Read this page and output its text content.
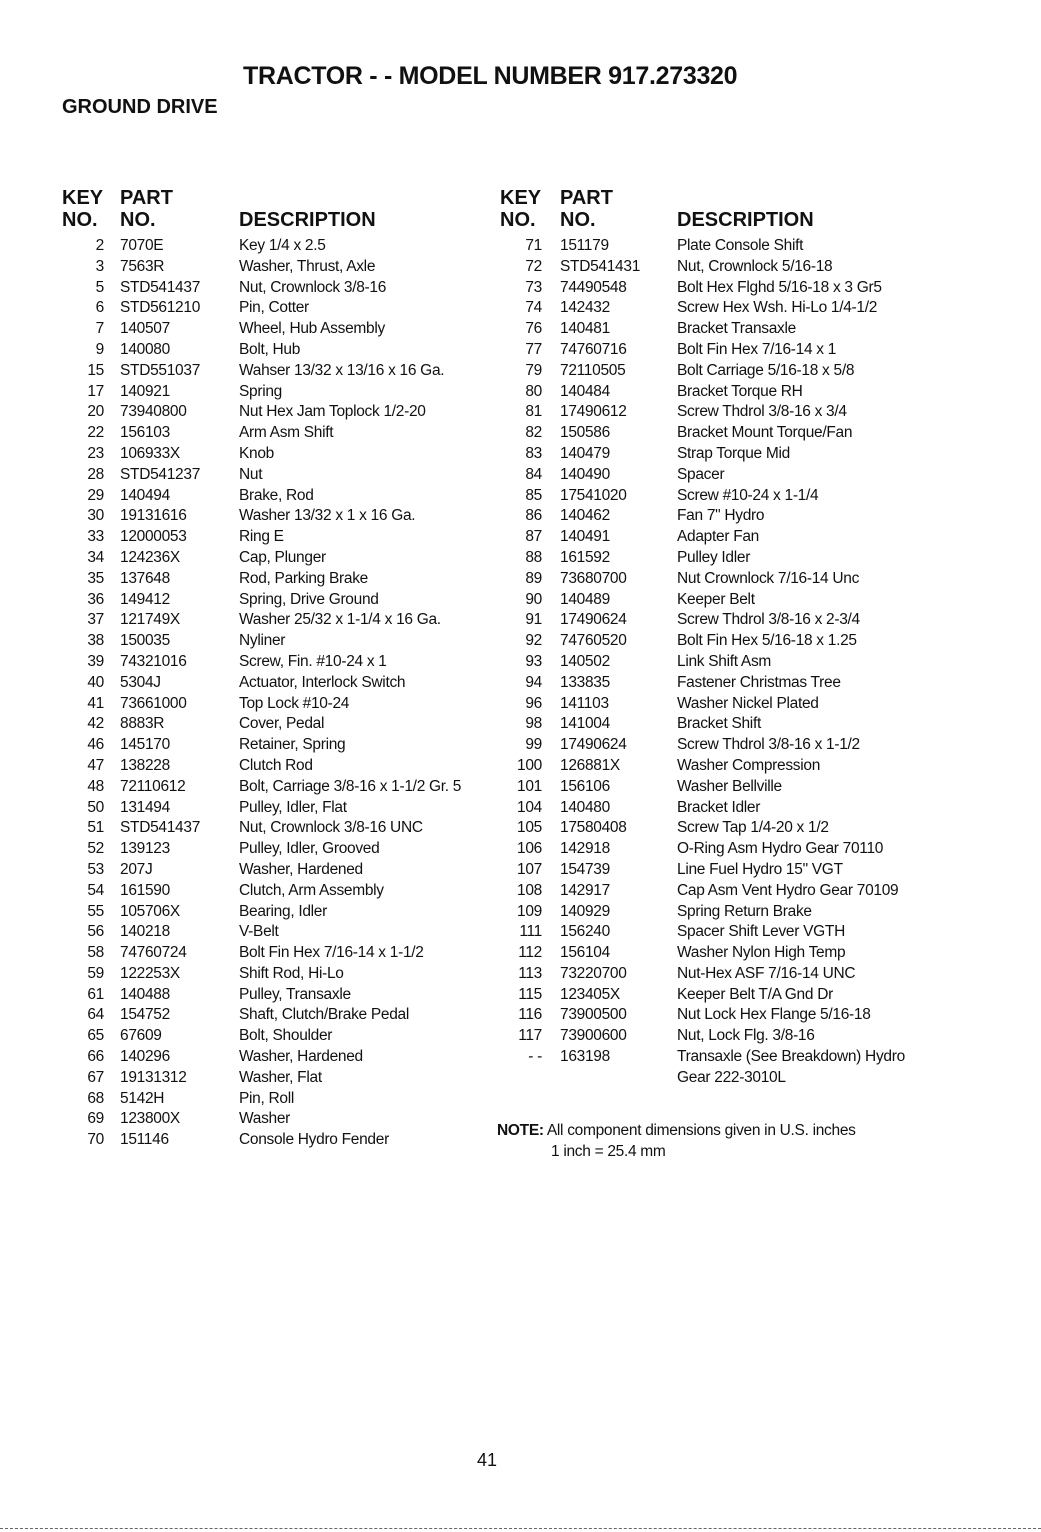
TRACTOR - - MODEL NUMBER 917.273320
GROUND DRIVE
KEY
NO.
PART
NO.	DESCRIPTION
2 7070E	Key 1/4 x 2.5
3 7563R	Washer, Thrust, Axle
5 STD541437	Nut, Crownlock 3/8-16
6 STD561210	Pin, Cotter
7 140507	Wheel, Hub Assembly
9 140080	Bolt, Hub
15 STD551037	Wahser 13/32 x 13/16 x 16 Ga.
17 140921	Spring
20 73940800	Nut Hex Jam Toplock 1/2-20
22 156103	Arm Asm Shift
23 106933X	Knob
28 STD541237	Nut
29 140494	Brake, Rod
30 19131616	Washer 13/32 x 1 x 16 Ga.
33 12000053	Ring E
34 124236X	Cap, Plunger
35 137648	Rod, Parking Brake
36 149412	Spring, Drive Ground
37 121749X	Washer 25/32 x 1-1/4 x 16 Ga.
38 150035	Nyliner
39 74321016	Screw, Fin. #10-24 x 1
40 5304J	Actuator, Interlock Switch
41 73661000	Top Lock #10-24
42 8883R	Cover, Pedal
46 145170	Retainer, Spring
47 138228	Clutch Rod
48 72110612	Bolt, Carriage 3/8-16 x 1-1/2 Gr. 5
50 131494	Pulley, Idler, Flat
51 STD541437	Nut, Crownlock 3/8-16 UNC
52 139123	Pulley, Idler, Grooved
53 207J	Washer, Hardened
54 161590	Clutch, Arm Assembly
55 105706X	Bearing, Idler
56 140218	V-Belt
58 74760724	Bolt Fin Hex 7/16-14 x 1-1/2
59 122253X	Shift Rod, Hi-Lo
61 140488	Pulley, Transaxle
64 154752	Shaft, Clutch/Brake Pedal
65 67609	Bolt, Shoulder
66 140296	Washer, Hardened
67 19131312	Washer, Flat
68 5142H	Pin, Roll
69 123800X	Washer
70 151146	Console Hydro Fender
KEY
NO.
PART
NO.	DESCRIPTION
71 151179	Plate Console Shift
72 STD541431 Nut, Crownlock 5/16-18
73 74490548	Bolt Hex Flghd 5/16-18 x 3 Gr5
74 142432	Screw Hex Wsh. Hi-Lo 1/4-1/2
76 140481	Bracket Transaxle
77 74760716	Bolt Fin Hex 7/16-14 x 1
79 72110505	Bolt Carriage 5/16-18 x 5/8
80 140484	Bracket Torque RH
81 17490612	Screw Thdrol 3/8-16 x 3/4
82 150586	Bracket Mount Torque/Fan
83 140479	Strap Torque Mid
84 140490	Spacer
85 17541020	Screw #10-24 x 1-1/4
86 140462	Fan 7" Hydro
87 140491	Adapter Fan
88 161592	Pulley Idler
89 73680700	Nut Crownlock 7/16-14 Unc
90 140489	Keeper Belt
91 17490624	Screw Thdrol 3/8-16 x 2-3/4
92 74760520	Bolt Fin Hex 5/16-18 x 1.25
93 140502	Link Shift Asm
94 133835	Fastener Christmas Tree
96 141103	Washer Nickel Plated
98 141004	Bracket Shift
99 17490624	Screw Thdrol 3/8-16 x 1-1/2
100 126881X	Washer Compression
101 156106	Washer Bellville
104 140480	Bracket Idler
105 17580408	Screw Tap 1/4-20 x 1/2
106 142918	O-Ring Asm Hydro Gear 70110
107 154739	Line Fuel Hydro 15" VGT
108 142917	Cap Asm Vent Hydro Gear 70109
109 140929	Spring Return Brake
111 156240	Spacer Shift Lever VGTH
112 156104	Washer Nylon High Temp
113 73220700	Nut-Hex ASF 7/16-14 UNC
115 123405X	Keeper Belt T/A Gnd Dr
116 73900500	Nut Lock Hex Flange 5/16-18
117 73900600	Nut, Lock Flg. 3/8-16
- - 163198	Transaxle (See Breakdown) Hydro Gear 222-3010L
NOTE: All component dimensions given in U.S. inches
1 inch = 25.4 mm
41
